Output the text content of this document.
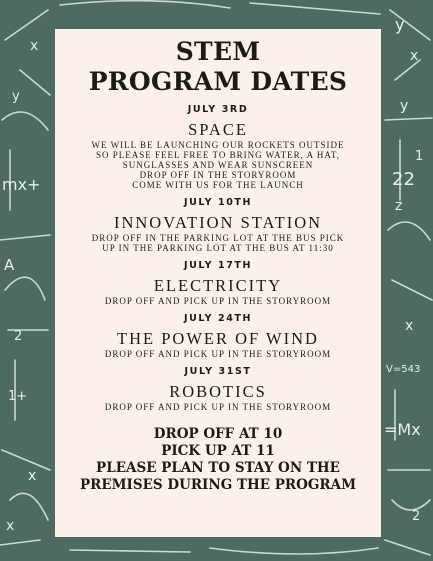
mx+
x
y
A
1+
x
2
x
y
x
y
1
z
22
V=543
=Mx
x
2
STEM
PROGRAM DATES
JULY 3RD
SPACE
WE WILL BE LAUNCHING OUR ROCKETS OUTSIDE
SO PLEASE FEEL FREE TO BRING WATER, A HAT,
SUNGLASSES AND WEAR SUNSCREEN
DROP OFF IN THE STORYROOM
COME WITH US FOR THE LAUNCH
JULY 10TH
INNOVATION STATION
DROP OFF IN THE PARKING LOT AT THE BUS PICK
UP IN THE PARKING LOT AT THE BUS AT 11:30
JULY 17TH
ELECTRICITY
DROP OFF AND PICK UP IN THE STORYROOM
JULY 24TH
THE POWER OF WIND
DROP OFF AND PICK UP IN THE STORYROOM
JULY 31ST
ROBOTICS
DROP OFF AND PICK UP IN THE STORYROOM
DROP OFF AT 10
PICK UP AT 11
PLEASE PLAN TO STAY ON THE
PREMISES DURING THE PROGRAM
